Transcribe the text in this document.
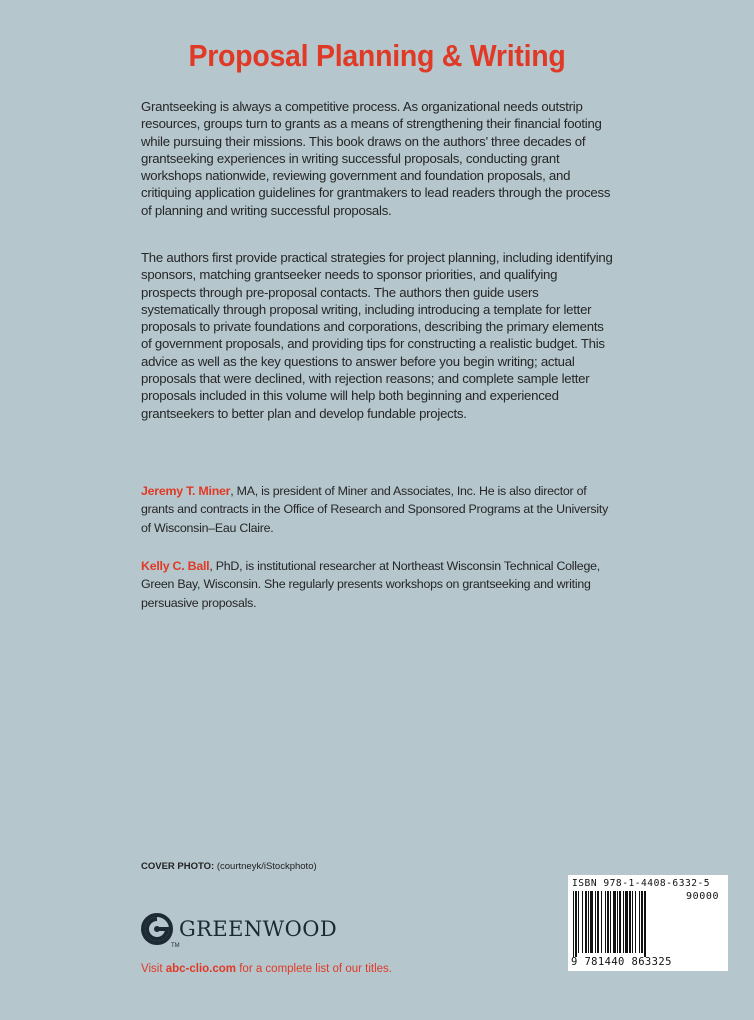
Proposal Planning & Writing
Grantseeking is always a competitive process. As organizational needs outstrip resources, groups turn to grants as a means of strengthening their financial footing while pursuing their missions. This book draws on the authors’ three decades of grantseeking experiences in writing successful proposals, conducting grant workshops nationwide, reviewing government and foundation proposals, and critiquing application guidelines for grantmakers to lead readers through the process of planning and writing successful proposals.
The authors first provide practical strategies for project planning, including identifying sponsors, matching grantseeker needs to sponsor priorities, and qualifying prospects through pre-proposal contacts. The authors then guide users systematically through proposal writing, including introducing a template for letter proposals to private foundations and corporations, describing the primary elements of government proposals, and providing tips for constructing a realistic budget. This advice as well as the key questions to answer before you begin writing; actual proposals that were declined, with rejection reasons; and complete sample letter proposals included in this volume will help both beginning and experienced grantseekers to better plan and develop fundable projects.
Jeremy T. Miner, MA, is president of Miner and Associates, Inc. He is also director of grants and contracts in the Office of Research and Sponsored Programs at the University of Wisconsin–Eau Claire.
Kelly C. Ball, PhD, is institutional researcher at Northeast Wisconsin Technical College, Green Bay, Wisconsin. She regularly presents workshops on grantseeking and writing persuasive proposals.
COVER PHOTO: (courtneyk/iStockphoto)
TM
GREENWOOD
Visit abc-clio.com for a complete list of our titles.
ISBN 978-1-4408-6332-5
90000
9 781440 863325
